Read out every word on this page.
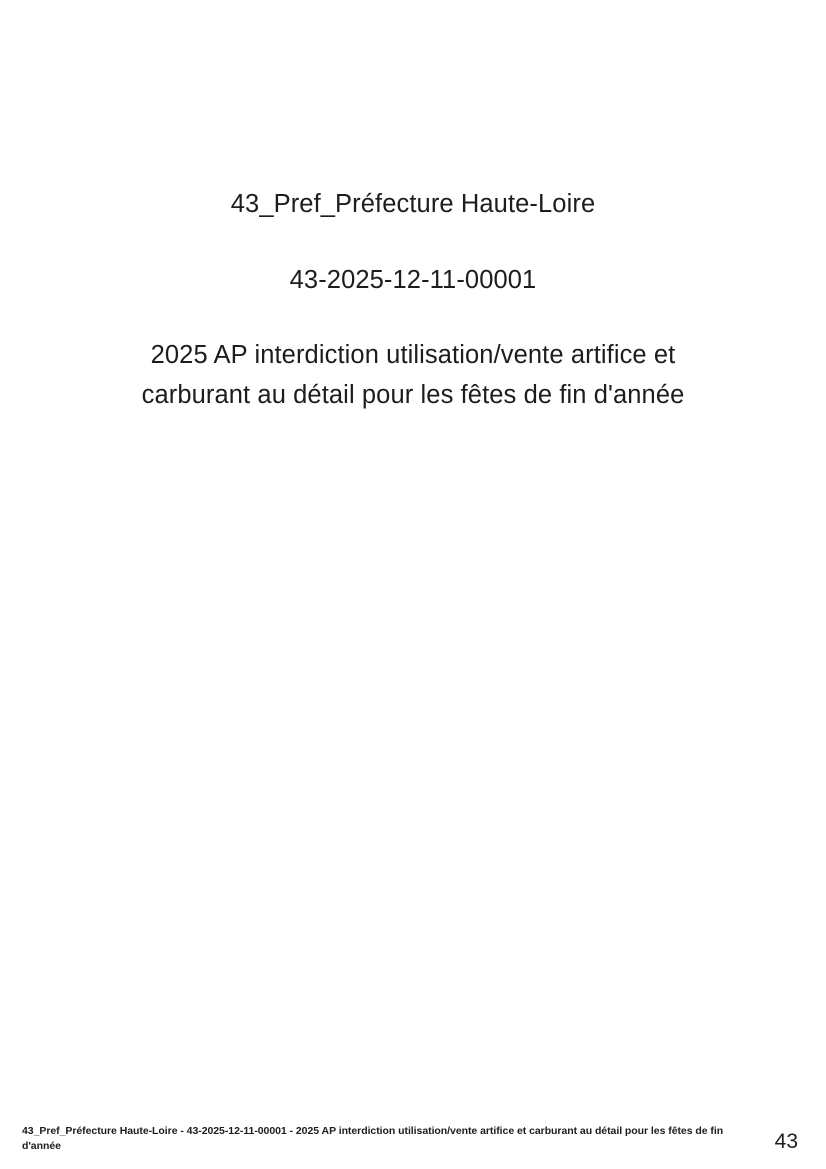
43_Pref_Préfecture Haute-Loire
43-2025-12-11-00001
2025 AP interdiction utilisation/vente artifice et
carburant au détail pour les fêtes de fin d'année
43_Pref_Préfecture Haute-Loire - 43-2025-12-11-00001 - 2025 AP interdiction utilisation/vente artifice et carburant au détail pour les fêtes de fin d'année	43
